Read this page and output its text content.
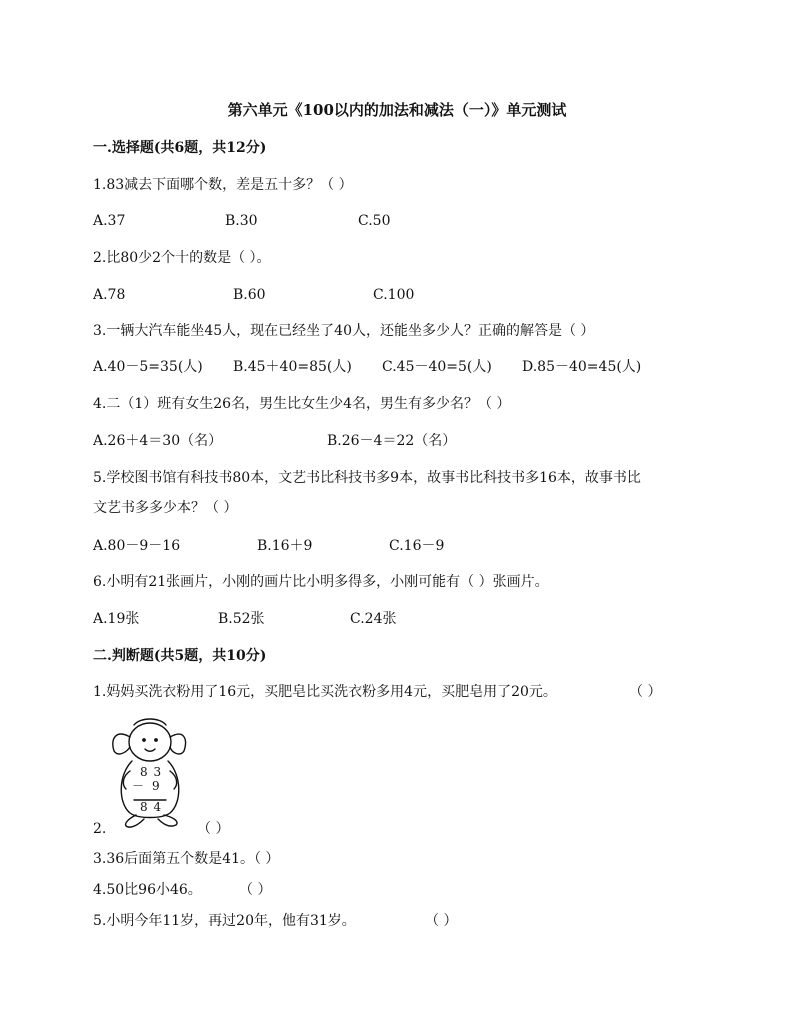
第六单元《100以内的加法和减法（一）》单元测试
一.选择题(共6题，共12分)
1.83减去下面哪个数，差是五十多？（ ）
A.37	B.30	C.50
2.比80少2个十的数是（ ）。
A.78	B.60	C.100
3.一辆大汽车能坐45人，现在已经坐了40人，还能坐多少人？正确的解答是（ ）
A.40－5=35(人) B.45＋40=85(人) C.45－40=5(人) D.85－40=45(人)
4.二（1）班有女生26名，男生比女生少4名，男生有多少名？（ ）
A.26＋4＝30（名）	B.26－4＝22（名）
5.学校图书馆有科技书80本，文艺书比科技书多9本，故事书比科技书多16本，故事书比
文艺书多多少本？（ ）
A.80－9－16	B.16＋9	C.16－9
6.小明有21张画片，小刚的画片比小明多得多，小刚可能有（ ）张画片。
A.19张	B.52张	C.24张
二.判断题(共5题，共10分)
1.妈妈买洗衣粉用了16元，买肥皂比买洗衣粉多用4元，买肥皂用了20元。	（ ）
8 3
－ 9
8 4
2.	（ ）
3.36后面第五个数是41。（ ）
4.50比96小46。	（ ）
5.小明今年11岁，再过20年，他有31岁。	（ ）
